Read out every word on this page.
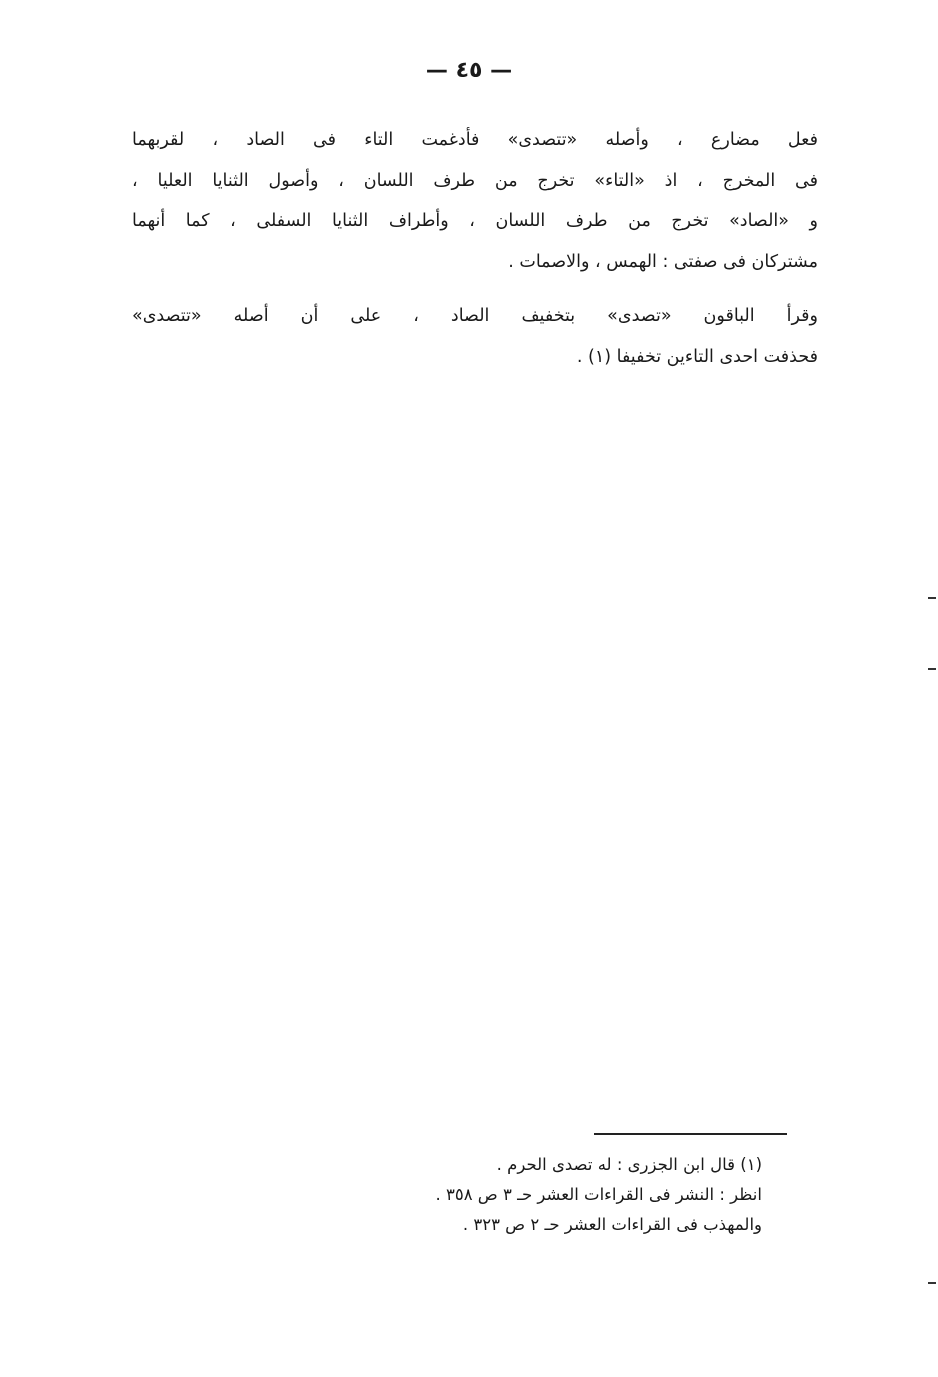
— ٤٥ —
فعل مضارع ، وأصله «تتصدى» فأدغمت التاء فى الصاد ، لقربهما
فى المخرج ، اذ «التاء» تخرج من طرف اللسان ، وأصول الثنايا العليا ،
و «الصاد» تخرج من طرف اللسان ، وأطراف الثنايا السفلى ، كما أنهما
مشتركان فى صفتى : الهمس ، والاصمات .
وقرأ الباقون «تصدى» بتخفيف الصاد ، على أن أصله «تتصدى»
فحذفت احدى التاءين تخفيفا (١) .
(١) قال ابن الجزرى : له تصدى الحرم .
انظر : النشر فى القراءات العشر حـ ٣ ص ٣٥٨ .
والمهذب فى القراءات العشر حـ ٢ ص ٣٢٣ .
